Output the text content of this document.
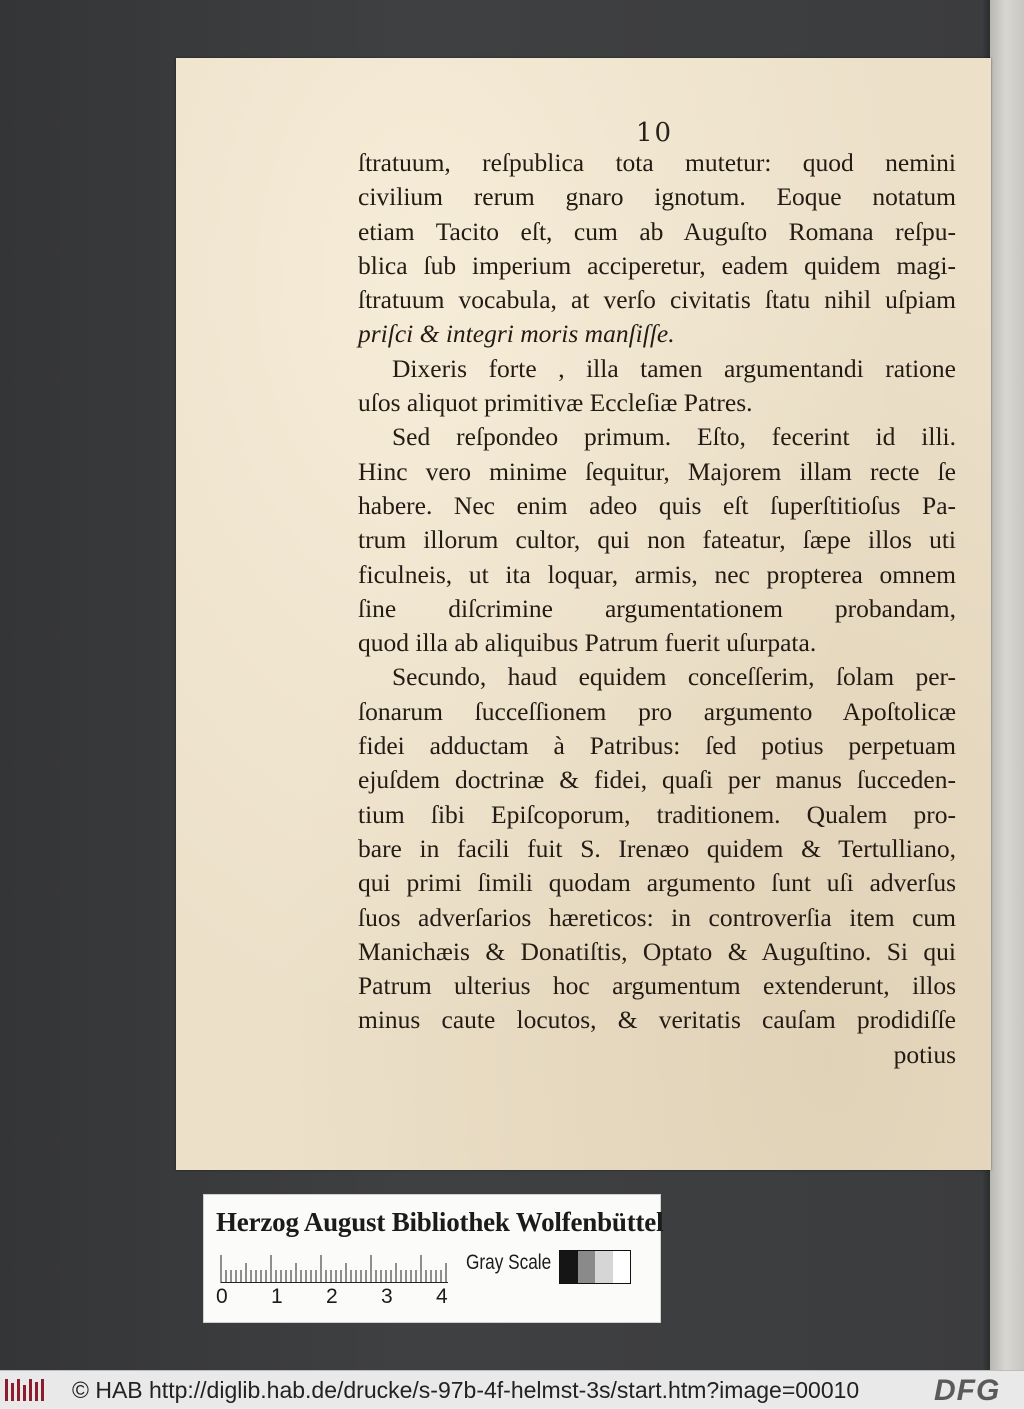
10
ſtratuum, reſpublica tota mutetur: quod nemini
civilium rerum gnaro ignotum. Eoque notatum
etiam Tacito eſt, cum ab Auguſto Romana reſpu-
blica ſub imperium acciperetur, eadem quidem magi-
ſtratuum vocabula, at verſo civitatis ſtatu nihil uſpiam
priſci & integri moris manſiſſe.
Dixeris forte , illa tamen argumentandi ratione
uſos aliquot primitivæ Eccleſiæ Patres.
Sed reſpondeo primum. Eſto, fecerint id illi.
Hinc vero minime ſequitur, Majorem illam recte ſe
habere. Nec enim adeo quis eſt ſuperſtitioſus Pa-
trum illorum cultor, qui non fateatur, ſæpe illos uti
ficulneis, ut ita loquar, armis, nec propterea omnem
ſine diſcrimine argumentationem probandam,
quod illa ab aliquibus Patrum fuerit uſurpata.
Secundo, haud equidem conceſſerim, ſolam per-
ſonarum ſucceſſionem pro argumento Apoſtolicæ
fidei adductam à Patribus: ſed potius perpetuam
ejuſdem doctrinæ & fidei, quaſi per manus ſucceden-
tium ſibi Epiſcoporum, traditionem. Qualem pro-
bare in facili fuit S. Irenæo quidem & Tertulliano,
qui primi ſimili quodam argumento ſunt uſi adverſus
ſuos adverſarios hæreticos: in controverſia item cum
Manichæis & Donatiſtis, Optato & Auguſtino. Si qui
Patrum ulterius hoc argumentum extenderunt, illos
minus caute locutos, & veritatis cauſam prodidiſſe
potius
Herzog August Bibliothek Wolfenbüttel
0 1 2 3 4
Gray Scale
© HAB http://diglib.hab.de/drucke/s-97b-4f-helmst-3s/start.htm?image=00010 DFG
